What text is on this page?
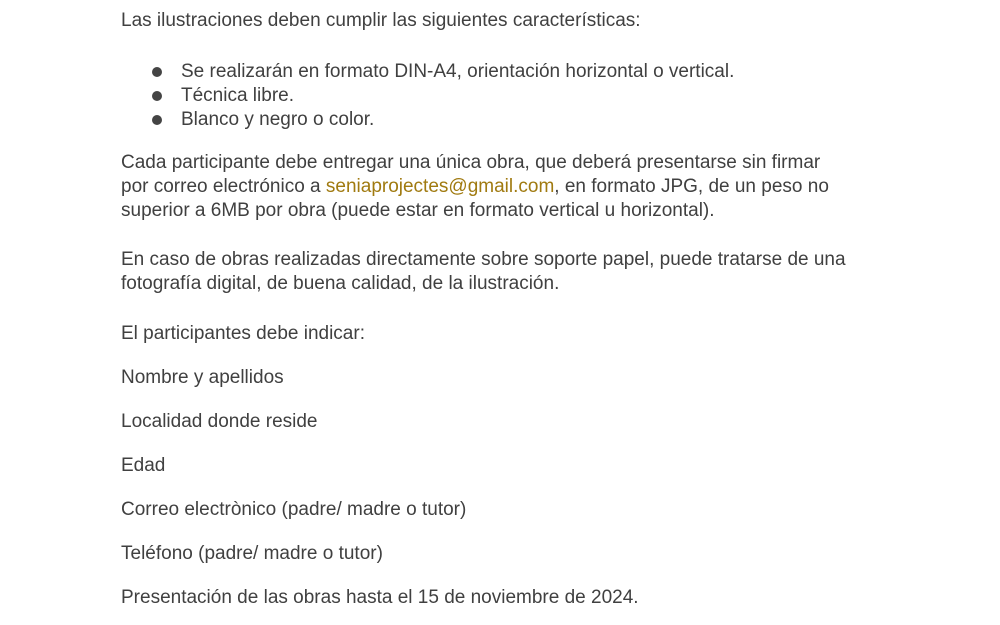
Las ilustraciones deben cumplir las siguientes características:
Se realizarán en formato DIN-A4, orientación horizontal o vertical.
Técnica libre.
Blanco y negro o color.
Cada participante debe entregar una única obra, que deberá presentarse sin firmar
por correo electrónico a seniaprojectes@gmail.com, en formato JPG, de un peso no
superior a 6MB por obra (puede estar en formato vertical u horizontal).
En caso de obras realizadas directamente sobre soporte papel, puede tratarse de una
fotografía digital, de buena calidad, de la ilustración.
El participantes debe indicar:
Nombre y apellidos
Localidad donde reside
Edad
Correo electrònico (padre/ madre o tutor)
Teléfono (padre/ madre o tutor)
Presentación de las obras hasta el 15 de noviembre de 2024.
